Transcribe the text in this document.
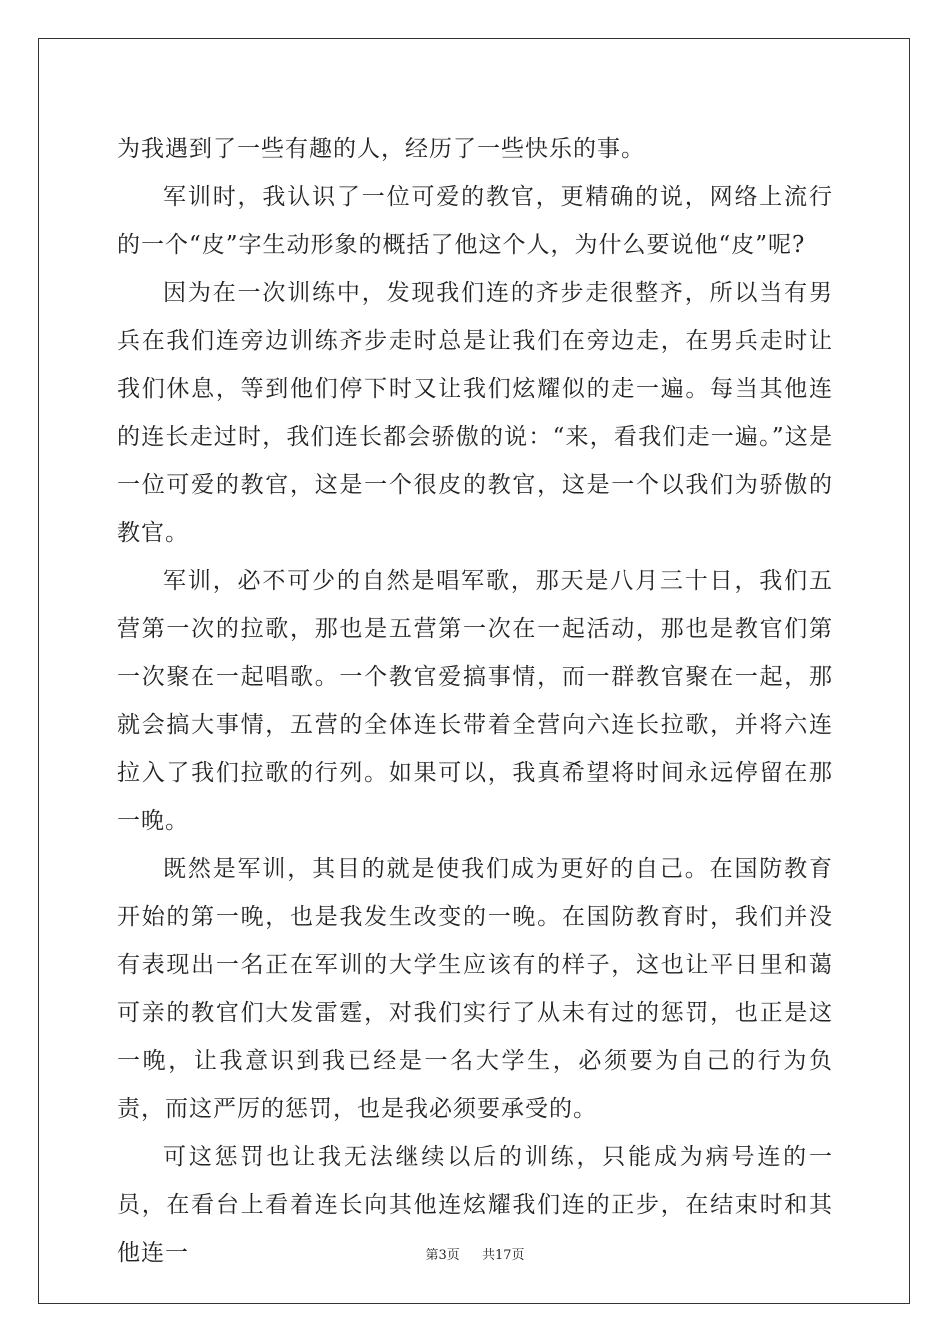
为我遇到了一些有趣的人，经历了一些快乐的事。

军训时，我认识了一位可爱的教官，更精确的说，网络上流行的一个“皮”字生动形象的概括了他这个人，为什么要说他“皮”呢?

因为在一次训练中，发现我们连的齐步走很整齐，所以当有男兵在我们连旁边训练齐步走时总是让我们在旁边走，在男兵走时让我们休息，等到他们停下时又让我们炫耀似的走一遍。每当其他连的连长走过时，我们连长都会骄傲的说：“来，看我们走一遍。”这是一位可爱的教官，这是一个很皮的教官，这是一个以我们为骄傲的教官。

军训，必不可少的自然是唱军歌，那天是八月三十日，我们五营第一次的拉歌，那也是五营第一次在一起活动，那也是教官们第一次聚在一起唱歌。一个教官爱搞事情，而一群教官聚在一起，那就会搞大事情，五营的全体连长带着全营向六连长拉歌，并将六连拉入了我们拉歌的行列。如果可以，我真希望将时间永远停留在那一晚。

既然是军训，其目的就是使我们成为更好的自己。在国防教育开始的第一晚，也是我发生改变的一晚。在国防教育时，我们并没有表现出一名正在军训的大学生应该有的样子，这也让平日里和蔼可亲的教官们大发雷霆，对我们实行了从未有过的惩罚，也正是这一晚，让我意识到我已经是一名大学生，必须要为自己的行为负责，而这严厉的惩罚，也是我必须要承受的。

可这惩罚也让我无法继续以后的训练，只能成为病号连的一员，在看台上看着连长向其他连炫耀我们连的正步，在结束时和其他连一	第3页 共17页
